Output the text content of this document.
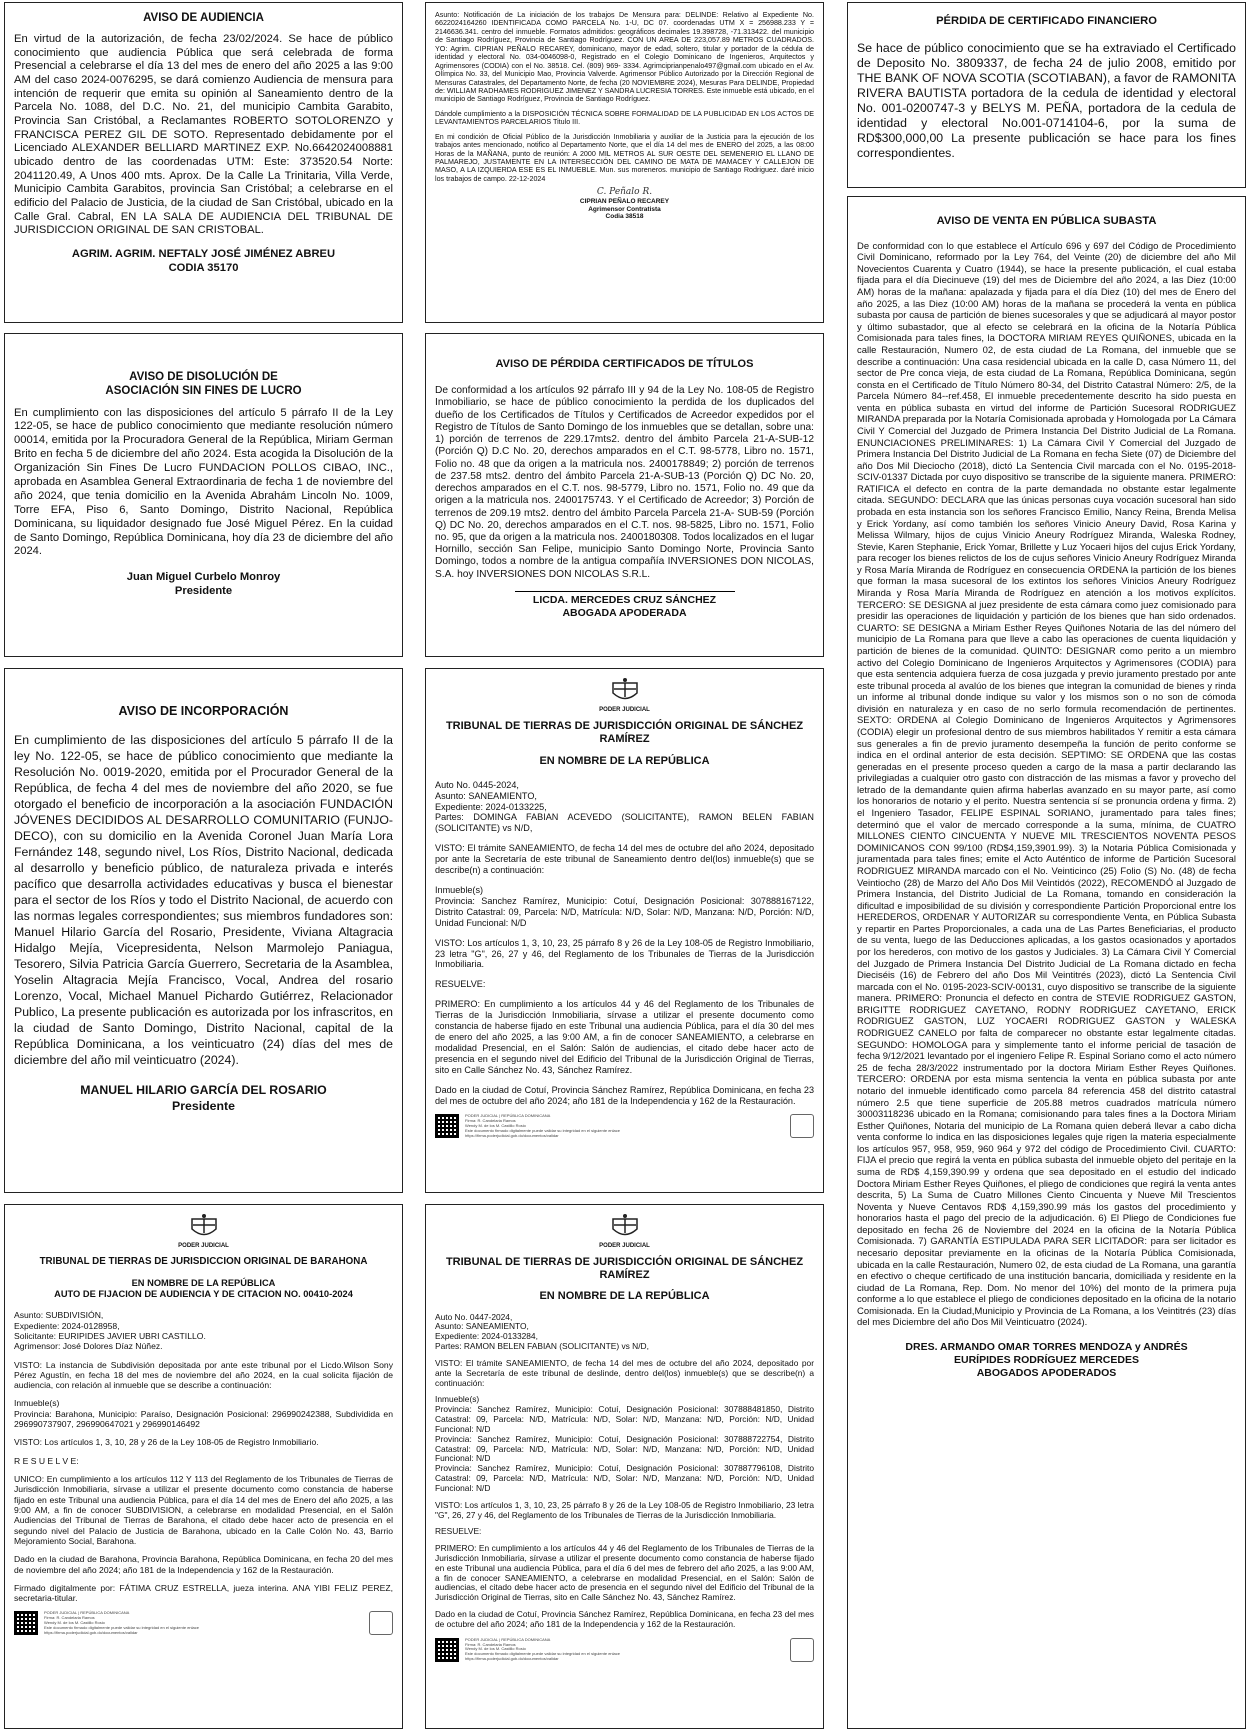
AVISO DE AUDIENCIA
En virtud de la autorización, de fecha 23/02/2024. Se hace de público conocimiento que audiencia Pública que será celebrada de forma Presencial a celebrarse el día 13 del mes de enero del año 2025 a las 9:00 AM del caso 2024-0076295, se dará comienzo Audiencia de mensura para intención de requerir que emita su opinión al Saneamiento dentro de la Parcela No. 1088, del D.C. No. 21, del municipio Cambita Garabito, Provincia San Cristóbal, a Reclamantes ROBERTO SOTOLORENZO y FRANCISCA PEREZ GIL DE SOTO. Representado debidamente por el Licenciado ALEXANDER BELLIARD MARTINEZ EXP. No.6642024008881 ubicado dentro de las coordenadas UTM: Este: 373520.54 Norte: 2041120.49, A Unos 400 mts. Aprox. De la Calle La Trinitaria, Villa Verde, Municipio Cambita Garabitos, provincia San Cristóbal; a celebrarse en el edificio del Palacio de Justicia, de la ciudad de San Cristóbal, ubicado en la Calle Gral. Cabral, EN LA SALA DE AUDIENCIA DEL TRIBUNAL DE JURISDICCION ORIGINAL DE SAN CRISTOBAL.
AGRIM. AGRIM. NEFTALY JOSÉ JIMÉNEZ ABREU
CODIA 35170
AVISO DE DISOLUCIÓN DE
ASOCIACIÓN SIN FINES DE LUCRO
En cumplimiento con las disposiciones del artículo 5 párrafo II de la Ley 122-05, se hace de publico conocimiento que mediante resolución número 00014, emitida por la Procuradora General de la República, Miriam German Brito en fecha 5 de diciembre del año 2024. Esta acogida la Disolución de la Organización Sin Fines De Lucro FUNDACION POLLOS CIBAO, INC., aprobada en Asamblea General Extraordinaria de fecha 1 de noviembre del año 2024, que tenia domicilio en la Avenida Abrahám Lincoln No. 1009, Torre EFA, Piso 6, Santo Domingo, Distrito Nacional, República Dominicana, su liquidador designado fue José Miguel Pérez. En la cuidad de Santo Domingo, República Dominicana, hoy día 23 de diciembre del año 2024.
Juan Miguel Curbelo Monroy
Presidente
AVISO DE INCORPORACIÓN
En cumplimiento de las disposiciones del artículo 5 párrafo II de la ley No. 122-05, se hace de público conocimiento que mediante la Resolución No. 0019-2020, emitida por el Procurador General de la República, de fecha 4 del mes de noviembre del año 2020, se fue otorgado el beneficio de incorporación a la asociación FUNDACIÓN JÓVENES DECIDIDOS AL DESARROLLO COMUNITARIO (FUNJO-DECO), con su domicilio en la Avenida Coronel Juan María Lora Fernández 148, segundo nivel, Los Ríos, Distrito Nacional, dedicada al desarrollo y beneficio público, de naturaleza privada e interés pacífico que desarrolla actividades educativas y busca el bienestar para el sector de los Ríos y todo el Distrito Nacional, de acuerdo con las normas legales correspondientes; sus miembros fundadores son: Manuel Hilario García del Rosario, Presidente, Viviana Altagracia Hidalgo Mejía, Vicepresidenta, Nelson Marmolejo Paniagua, Tesorero, Silvia Patricia García Guerrero, Secretaria de la Asamblea, Yoselin Altagracia Mejía Francisco, Vocal, Andrea del rosario Lorenzo, Vocal, Michael Manuel Pichardo Gutiérrez, Relacionador Publico, La presente publicación es autorizada por los infrascritos, en la ciudad de Santo Domingo, Distrito Nacional, capital de la República Dominicana, a los veinticuatro (24) días del mes de diciembre del año mil veinticuatro (2024).
MANUEL HILARIO GARCÍA DEL ROSARIO
Presidente
PODER JUDICIAL
TRIBUNAL DE TIERRAS DE JURISDICCION ORIGINAL DE BARAHONA
EN NOMBRE DE LA REPÚBLICA
AUTO DE FIJACION DE AUDIENCIA Y DE CITACION NO. 00410-2024
Asunto: SUBDIVISIÓN,
Expediente: 2024-0128958,
Solicitante: EURIPIDES JAVIER UBRI CASTILLO.
Agrimensor: José Dolores Díaz Núñez.
VISTO: La instancia de Subdivisión depositada por ante este tribunal por el Licdo.Wilson Sony Pérez Agustín, en fecha 18 del mes de noviembre del año 2024, en la cual solicita fijación de audiencia, con relación al inmueble que se describe a continuación:
Inmueble(s)
Provincia: Barahona, Municipio: Paraíso, Designación Posicional: 296990242388, Subdividida en 296990737907, 296990647021 y 296990146492
VISTO: Los artículos 1, 3, 10, 28 y 26 de la Ley 108-05 de Registro Inmobiliario.
R E S U E L V E:
UNICO: En cumplimiento a los artículos 112 Y 113 del Reglamento de los Tribunales de Tierras de Jurisdicción Inmobiliaria, sírvase a utilizar el presente documento como constancia de haberse fijado en este Tribunal una audiencia Pública, para el día 14 del mes de Enero del año 2025, a las 9:00 AM, a fin de conocer SUBDIVISION, a celebrarse en modalidad Presencial, en el Salón Audiencias del Tribunal de Tierras de Barahona, el citado debe hacer acto de presencia en el segundo nivel del Palacio de Justicia de Barahona, ubicado en la Calle Colón No. 43, Barrio Mejoramiento Social, Barahona.
Dado en la ciudad de Barahona, Provincia Barahona, República Dominicana, en fecha 20 del mes de noviembre del año 2024; año 181 de la Independencia y 162 de la Restauración.
Firmado digitalmente por: FÁTIMA CRUZ ESTRELLA, jueza interina. ANA YIBI FELIZ PEREZ, secretaria-titular.
PODER JUDICIAL | REPÚBLICA DOMINICANA
Firma: R. Candelaria Ramos
Wendy M. de los M. Castillo Rosio
Este documento firmado digitalmente puede validar su integridad en el siguiente enlace
https://firma.poderjudicial.gob.do/documentos/validar
Asunto: Notificación de La iniciación de los trabajos De Mensura para: DELINDE: Relativo al Expediente No. 6622024164260 IDENTIFICADA COMO PARCELA No. 1-U, DC 07. coordenadas UTM X = 256988.233 Y = 2146636.341. centro del inmueble. Formatos admitidos: geográficos decimales 19.398728, -71.313422. del municipio de Santiago Rodríguez, Provincia de Santiago Rodríguez. CON UN AREA DE 223,057.89 METROS CUADRADOS. YO: Agrim. CIPRIAN PEÑALO RECAREY, dominicano, mayor de edad, soltero, titular y portador de la cédula de identidad y electoral No. 034-0046098-0, Registrado en el Colegio Dominicano de Ingenieros, Arquitectos y Agrimensores (CODIA) con el No. 38518. Cel. (809) 969- 3334. Agrimciprianpenalo497@gmail.com ubicado en el Av. Olímpica No. 33, del Municipio Mao, Provincia Valverde. Agrimensor Público Autorizado por la Dirección Regional de Mensuras Catastrales, del Departamento Norte, de fecha (20 NOVIEMBRE 2024), Mesuras Para DELINDE, Propiedad de: WILLIAM RADHAMES RODRIGUEZ JIMENEZ Y SANDRA LUCRESIA TORRES. Este inmueble está ubicado, en el municipio de Santiago Rodríguez, Provincia de Santiago Rodríguez.
Dándole cumplimiento a la DISPOSICIÓN TÉCNICA SOBRE FORMALIDAD DE LA PUBLICIDAD EN LOS ACTOS DE LEVANTAMIENTOS PARCELARIOS Titulo III.
En mi condición de Oficial Público de la Jurisdicción Inmobiliaria y auxiliar de la Justicia para la ejecución de los trabajos antes mencionado, notifico al Departamento Norte, que el día 14 del mes de ENERO del 2025, a las 08:00 Horas de la MAÑANA, punto de reunión: A 2000 MIL METROS AL SUR OESTE DEL SEMENERIO EL LLANO DE PALMAREJO, JUSTAMENTE EN LA INTERSECCIÓN DEL CAMINO DE MATA DE MAMACEY Y CALLEJON DE MASO, A LA IZQUIERDA ESE ES EL INMUEBLE. Mun. sus moreneros. municipio de Santiago Rodriguez. daré inicio los trabajos de campo. 22-12-2024
C. Peñalo R.
CIPRIAN PEÑALO RECAREY
Agrimensor Contratista
Codia 38518
AVISO DE PÉRDIDA CERTIFICADOS DE TÍTULOS
De conformidad a los artículos 92 párrafo III y 94 de la Ley No. 108-05 de Registro Inmobiliario, se hace de público conocimiento la perdida de los duplicados del dueño de los Certificados de Títulos y Certificados de Acreedor expedidos por el Registro de Títulos de Santo Domingo de los inmuebles que se detallan, sobre una: 1) porción de terrenos de 229.17mts2. dentro del ámbito Parcela 21-A-SUB-12 (Porción Q) D.C No. 20, derechos amparados en el C.T. 98-5778, Libro no. 1571, Folio no. 48 que da origen a la matricula nos. 2400178849; 2) porción de terrenos de 237.58 mts2. dentro del ámbito Parcela 21-A-SUB-13 (Porción Q) DC No. 20, derechos amparados en el C.T. nos. 98-5779, Libro no. 1571, Folio no. 49 que da origen a la matricula nos. 2400175743. Y el Certificado de Acreedor; 3) Porción de terrenos de 209.19 mts2. dentro del ámbito Parcela Parcela 21-A- SUB-59 (Porción Q) DC No. 20, derechos amparados en el C.T. nos. 98-5825, Libro no. 1571, Folio no. 95, que da origen a la matricula nos. 2400180308. Todos localizados en el lugar Hornillo, sección San Felipe, municipio Santo Domingo Norte, Provincia Santo Domingo, todos a nombre de la antigua compañía INVERSIONES DON NICOLAS, S.A. hoy INVERSIONES DON NICOLAS S.R.L.
LICDA. MERCEDES CRUZ SÁNCHEZ
ABOGADA APODERADA
PODER JUDICIAL
TRIBUNAL DE TIERRAS DE JURISDICCIÓN ORIGINAL DE SÁNCHEZ RAMÍREZ
EN NOMBRE DE LA REPÚBLICA
Auto No. 0445-2024,
Asunto: SANEAMIENTO,
Expediente: 2024-0133225,
Partes: DOMINGA FABIAN ACEVEDO (SOLICITANTE), RAMON BELEN FABIAN (SOLICITANTE) vs N/D,
VISTO: El trámite SANEAMIENTO, de fecha 14 del mes de octubre del año 2024, depositado por ante la Secretaría de este tribunal de Saneamiento dentro del(los) inmueble(s) que se describe(n) a continuación:
Inmueble(s)
Provincia: Sanchez Ramírez, Municipio: Cotuí, Designación Posicional: 307888167122, Distrito Catastral: 09, Parcela: N/D, Matrícula: N/D, Solar: N/D, Manzana: N/D, Porción: N/D, Unidad Funcional: N/D
VISTO: Los artículos 1, 3, 10, 23, 25 párrafo 8 y 26 de la Ley 108-05 de Registro Inmobiliario, 23 letra "G", 26, 27 y 46, del Reglamento de los Tribunales de Tierras de la Jurisdicción Inmobiliaria.
RESUELVE:
PRIMERO: En cumplimiento a los artículos 44 y 46 del Reglamento de los Tribunales de Tierras de la Jurisdicción Inmobiliaria, sírvase a utilizar el presente documento como constancia de haberse fijado en este Tribunal una audiencia Pública, para el día 30 del mes de enero del año 2025, a las 9:00 AM, a fin de conocer SANEAMIENTO, a celebrarse en modalidad Presencial, en el Salón: Salón de audiencias, el citado debe hacer acto de presencia en el segundo nivel del Edificio del Tribunal de la Jurisdicción Original de Tierras, sito en Calle Sánchez No. 43, Sánchez Ramírez.
Dado en la ciudad de Cotuí, Provincia Sánchez Ramírez, República Dominicana, en fecha 23 del mes de octubre del año 2024; año 181 de la Independencia y 162 de la Restauración.
PODER JUDICIAL | REPÚBLICA DOMINICANA
Firma: R. Candelaria Ramos
Wendy M. de los M. Castillo Rosio
Este documento firmado digitalmente puede validar su integridad en el siguiente enlace
https://firma.poderjudicial.gob.do/documentos/validar
PODER JUDICIAL
TRIBUNAL DE TIERRAS DE JURISDICCIÓN ORIGINAL DE SÁNCHEZ RAMÍREZ
EN NOMBRE DE LA REPÚBLICA
Auto No. 0447-2024,
Asunto: SANEAMIENTO,
Expediente: 2024-0133284,
Partes: RAMON BELEN FABIAN (SOLICITANTE) vs N/D,
VISTO: El trámite SANEAMIENTO, de fecha 14 del mes de octubre del año 2024, depositado por ante la Secretaría de este tribunal de deslinde, dentro del(los) inmueble(s) que se describe(n) a continuación:
Inmueble(s)
Provincia: Sanchez Ramírez, Municipio: Cotuí, Designación Posicional: 307888481850, Distrito Catastral: 09, Parcela: N/D, Matrícula: N/D, Solar: N/D, Manzana: N/D, Porción: N/D, Unidad Funcional: N/D
Provincia: Sanchez Ramírez, Municipio: Cotuí, Designación Posicional: 307888722754, Distrito Catastral: 09, Parcela: N/D, Matrícula: N/D, Solar: N/D, Manzana: N/D, Porción: N/D, Unidad Funcional: N/D
Provincia: Sanchez Ramírez, Municipio: Cotuí, Designación Posicional: 307887796108, Distrito Catastral: 09, Parcela: N/D, Matrícula: N/D, Solar: N/D, Manzana: N/D, Porción: N/D, Unidad Funcional: N/D
VISTO: Los artículos 1, 3, 10, 23, 25 párrafo 8 y 26 de la Ley 108-05 de Registro Inmobiliario, 23 letra "G", 26, 27 y 46, del Reglamento de los Tribunales de Tierras de la Jurisdicción Inmobiliaria.
RESUELVE:
PRIMERO: En cumplimiento a los artículos 44 y 46 del Reglamento de los Tribunales de Tierras de la Jurisdicción Inmobiliaria, sírvase a utilizar el presente documento como constancia de haberse fijado en este Tribunal una audiencia Pública, para el día 6 del mes de febrero del año 2025, a las 9:00 AM, a fin de conocer SANEAMIENTO, a celebrarse en modalidad Presencial, en el Salón: Salón de audiencias, el citado debe hacer acto de presencia en el segundo nivel del Edificio del Tribunal de la Jurisdicción Original de Tierras, sito en Calle Sánchez No. 43, Sánchez Ramírez.
Dado en la ciudad de Cotuí, Provincia Sánchez Ramírez, República Dominicana, en fecha 23 del mes de octubre del año 2024; año 181 de la Independencia y 162 de la Restauración.
PODER JUDICIAL | REPÚBLICA DOMINICANA
Firma: R. Candelaria Ramos
Wendy M. de los M. Castillo Rosio
Este documento firmado digitalmente puede validar su integridad en el siguiente enlace
https://firma.poderjudicial.gob.do/documentos/validar
PÉRDIDA DE CERTIFICADO FINANCIERO
Se hace de público conocimiento que se ha extraviado el Certificado de Deposito No. 3809337, de fecha 24 de julio 2008, emitido por THE BANK OF NOVA SCOTIA (SCOTIABAN), a favor de RAMONITA RIVERA BAUTISTA portadora de la cedula de identidad y electoral No. 001-0200747-3 y BELYS M. PEÑA, portadora de la cedula de identidad y electoral No.001-0714104-6, por la suma de RD$300,000,00 La presente publicación se hace para los fines correspondientes.
AVISO DE VENTA EN PÚBLICA SUBASTA
De conformidad con lo que establece el Artículo 696 y 697 del Código de Procedimiento Civil Dominicano, reformado por la Ley 764, del Veinte (20) de diciembre del año Mil Novecientos Cuarenta y Cuatro (1944), se hace la presente publicación, el cual estaba fijada para el día Diecinueve (19) del mes de Diciembre del año 2024, a las Diez (10:00 AM) horas de la mañana: apalazada y fijada para el día Diez (10) del mes de Enero del año 2025, a las Diez (10:00 AM) horas de la mañana se procederá la venta en pública subasta por causa de partición de bienes sucesorales y que se adjudicará al mayor postor y último subastador, que al efecto se celebrará en la oficina de la Notaría Pública Comisionada para tales fines, la DOCTORA MIRIAM REYES QUIÑONES, ubicada en la calle Restauración, Numero 02, de esta ciudad de La Romana, del inmueble que se describe a continuación: Una casa residencial ubicada en la calle D, casa Número 11, del sector de Pre conca vieja, de esta ciudad de La Romana, República Dominicana, según consta en el Certificado de Título Número 80-34, del Distrito Catastral Número: 2/5, de la Parcela Número 84--ref.458, El inmueble precedentemente descrito ha sido puesta en venta en pública subasta en virtud del informe de Partición Sucesoral RODRIGUEZ MIRANDA preparada por la Notaría Comisionada aprobada y Homologada por La Cámara Civil Y Comercial del Juzgado de Primera Instancia Del Distrito Judicial de La Romana. ENUNCIACIONES PRELIMINARES: 1) La Cámara Civil Y Comercial del Juzgado de Primera Instancia Del Distrito Judicial de La Romana en fecha Siete (07) de Diciembre del año Dos Mil Dieciocho (2018), dictó La Sentencia Civil marcada con el No. 0195-2018-SCIV-01337 Dictada por cuyo dispositivo se transcribe de la siguiente manera. PRIMERO: RATIFICA el defecto en contra de la parte demandada no obstante estar legalmente citada. SEGUNDO: DECLARA que las únicas personas cuya vocación sucesoral han sido probada en esta instancia son los señores Francisco Emilio, Nancy Reina, Brenda Melisa y Erick Yordany, así como también los señores Vinicio Aneury David, Rosa Karina y Melissa Wilmary, hijos de cujus Vinicio Aneury Rodríguez Miranda, Waleska Rodney, Stevie, Karen Stephanie, Erick Yomar, Brillette y Luz Yocaeri hijos del cujus Erick Yordany, para recoger los bienes relictos de los de cujus señores Vinicio Aneury Rodríguez Miranda y Rosa María Miranda de Rodríguez en consecuencia ORDENA la partición de los bienes que forman la masa sucesoral de los extintos los señores Vinicios Aneury Rodríguez Miranda y Rosa María Miranda de Rodríguez en atención a los motivos explícitos. TERCERO: SE DESIGNA al juez presidente de esta cámara como juez comisionado para presidir las operaciones de liquidación y partición de los bienes que han sido ordenados. CUARTO: SE DESIGNA a Miriam Esther Reyes Quiñones Notaria de las del número del municipio de La Romana para que lleve a cabo las operaciones de cuenta liquidación y partición de bienes de la comunidad. QUINTO: DESIGNAR como perito a un miembro activo del Colegio Dominicano de Ingenieros Arquitectos y Agrimensores (CODIA) para que esta sentencia adquiera fuerza de cosa juzgada y previo juramento prestado por ante este tribunal proceda al avalúo de los bienes que integran la comunidad de bienes y rinda un informe al tribunal donde indique su valor y los mismos son o no son de cómoda división en naturaleza y en caso de no serlo formula recomendación de pertinentes. SEXTO: ORDENA al Colegio Dominicano de Ingenieros Arquitectos y Agrimensores (CODIA) elegir un profesional dentro de sus miembros habilitados Y remitir a esta cámara sus generales a fin de previo juramento desempeña la función de perito conforme se indica en el ordinal anterior de esta decisión. SEPTIMO: SE ORDENA que las costas generadas en el presente proceso queden a cargo de la masa a partir declarando las privilegiadas a cualquier otro gasto con distracción de las mismas a favor y provecho del letrado de la demandante quien afirma haberlas avanzado en su mayor parte, así como los honorarios de notario y el perito. Nuestra sentencia sí se pronuncia ordena y firma. 2) el Ingeniero Tasador, FELIPE ESPINAL SORIANO, juramentado para tales fines; determinó que el valor de mercado corresponde a la suma, mínima, de CUATRO MILLONES CIENTO CINCUENTA Y NUEVE MIL TRESCIENTOS NOVENTA PESOS DOMINICANOS CON 99/100 (RD$4,159,3901.99). 3) la Notaria Pública Comisionada y juramentada para tales fines; emite el Acto Auténtico de informe de Partición Sucesoral RODRIGUEZ MIRANDA marcado con el No. Veinticinco (25) Folio (S) No. (48) de fecha Veintiocho (28) de Marzo del Año Dos Mil Veintidós (2022), RECOMENDÓ al Juzgado de Primera Instancia, del Distrito Judicial de La Romana, tomando en consideración la dificultad e imposibilidad de su división y correspondiente Partición Proporcional entre los HEREDEROS, ORDENAR Y AUTORIZAR su correspondiente Venta, en Pública Subasta y repartir en Partes Proporcionales, a cada una de Las Partes Beneficiarias, el producto de su venta, luego de las Deducciones aplicadas, a los gastos ocasionados y aportados por los herederos, con motivo de los gastos y Judiciales. 3) La Cámara Civil Y Comercial del Juzgado de Primera Instancia Del Distrito Judicial de La Romana dictado en fecha Dieciséis (16) de Febrero del año Dos Mil Veintitrés (2023), dictó La Sentencia Civil marcada con el No. 0195-2023-SCIV-00131, cuyo dispositivo se transcribe de la siguiente manera. PRIMERO: Pronuncia el defecto en contra de STEVIE RODRIGUEZ GASTON, BRIGITTE RODRIGUEZ CAYETANO, RODNY RODRIGUEZ CAYETANO, ERICK RODRIGUEZ GASTON, LUZ YOCAERI RODRIGUEZ GASTON y WALESKA RODRIGUEZ CANELO por falta de comparecer no obstante estar legalmente citadas. SEGUNDO: HOMOLOGA para y simplemente tanto el informe pericial de tasación de fecha 9/12/2021 levantado por el ingeniero Felipe R. Espinal Soriano como el acto número 25 de fecha 28/3/2022 instrumentado por la doctora Miriam Esther Reyes Quiñones. TERCERO: ORDENA por esta misma sentencia la venta en pública subasta por ante notario del inmueble identificado como parcela 84 referencia 458 del distrito catastral número 2.5 que tiene superficie de 205.88 metros cuadrados matrícula número 30003118236 ubicado en la Romana; comisionando para tales fines a la Doctora Miriam Esther Quiñones, Notaria del municipio de La Romana quien deberá llevar a cabo dicha venta conforme lo indica en las disposiciones legales quje rigen la materia especialmente los artículos 957, 958, 959, 960 964 y 972 del código de Procedimiento Civil. CUARTO: FIJA el precio que regirá la venta en pública subasta del inmueble objeto del peritaje en la suma de RD$ 4,159,390.99 y ordena que sea depositado en el estudio del indicado Doctora Miriam Esther Reyes Quiñones, el pliego de condiciones que regirá la venta antes descrita, 5) La Suma de Cuatro Millones Ciento Cincuenta y Nueve Mil Trescientos Noventa y Nueve Centavos RD$ 4,159,390.99 más los gastos del procedimiento y honorarios hasta el pago del precio de la adjudicación. 6) El Pliego de Condiciones fue depositado en fecha 26 de Noviembre del 2024 en la oficina de la Notaría Pública Comisionada. 7) GARANTÍA ESTIPULADA PARA SER LICITADOR: para ser licitador es necesario depositar previamente en la oficinas de la Notaría Pública Comisionada, ubicada en la calle Restauración, Numero 02, de esta ciudad de La Romana, una garantía en efectivo o cheque certificado de una institución bancaria, domiciliada y residente en la ciudad de La Romana, Rep. Dom. No menor del 10%) del monto de la primera puja conforme a lo que establece el pliego de condiciones depositado en la oficina de la notario Comisionada. En la Ciudad,Municipio y Provincia de La Romana, a los Veintitrés (23) días del mes Diciembre del año Dos Mil Veinticuatro (2024).
DRES. ARMANDO OMAR TORRES MENDOZA y ANDRÉS
EURÍPIDES RODRÍGUEZ MERCEDES
ABOGADOS APODERADOS
